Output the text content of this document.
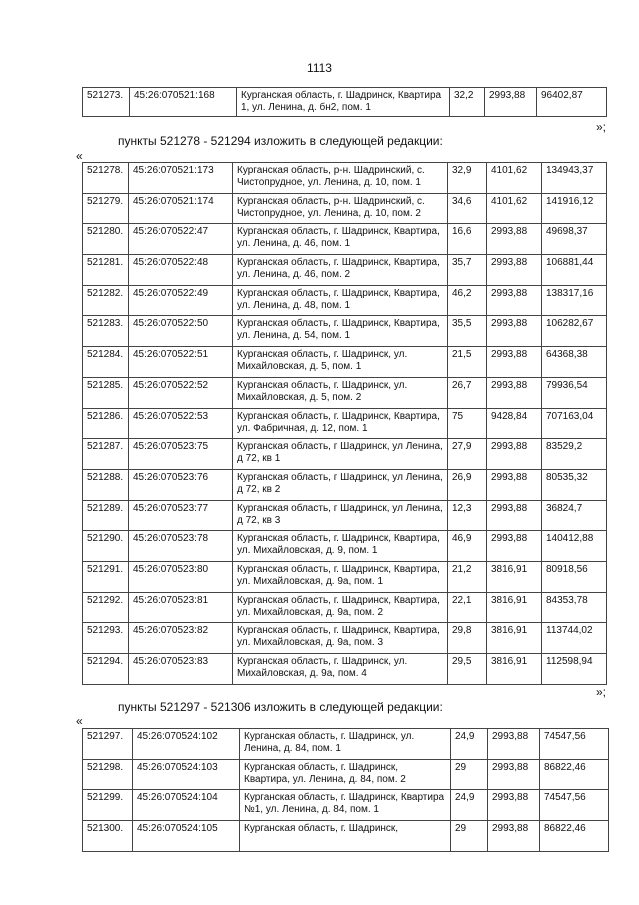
1113
521273.	45:26:070521:168	Курганская область, г. Шадринск, Квартира 1, ул. Ленина, д. бн2, пом. 1	32,2	2993,88	96402,87
»;
пункты 521278 - 521294 изложить в следующей редакции:
«
521278.	45:26:070521:173	Курганская область, р-н. Шадринский, с. Чистопрудное, ул. Ленина, д. 10, пом. 1	32,9	4101,62	134943,37
521279.	45:26:070521:174	Курганская область, р-н. Шадринский, с. Чистопрудное, ул. Ленина, д. 10, пом. 2	34,6	4101,62	141916,12
521280.	45:26:070522:47	Курганская область, г. Шадринск, Квартира, ул. Ленина, д. 46, пом. 1	16,6	2993,88	49698,37
521281.	45:26:070522:48	Курганская область, г. Шадринск, Квартира, ул. Ленина, д. 46, пом. 2	35,7	2993,88	106881,44
521282.	45:26:070522:49	Курганская область, г. Шадринск, Квартира, ул. Ленина, д. 48, пом. 1	46,2	2993,88	138317,16
521283.	45:26:070522:50	Курганская область, г. Шадринск, Квартира, ул. Ленина, д. 54, пом. 1	35,5	2993,88	106282,67
521284.	45:26:070522:51	Курганская область, г. Шадринск, ул. Михайловская, д. 5, пом. 1	21,5	2993,88	64368,38
521285.	45:26:070522:52	Курганская область, г. Шадринск, ул. Михайловская, д. 5, пом. 2	26,7	2993,88	79936,54
521286.	45:26:070522:53	Курганская область, г. Шадринск, Квартира, ул. Фабричная, д. 12, пом. 1	75	9428,84	707163,04
521287.	45:26:070523:75	Курганская область, г Шадринск, ул Ленина, д 72, кв 1	27,9	2993,88	83529,2
521288.	45:26:070523:76	Курганская область, г Шадринск, ул Ленина, д 72, кв 2	26,9	2993,88	80535,32
521289.	45:26:070523:77	Курганская область, г Шадринск, ул Ленина, д 72, кв 3	12,3	2993,88	36824,7
521290.	45:26:070523:78	Курганская область, г. Шадринск, Квартира, ул. Михайловская, д. 9, пом. 1	46,9	2993,88	140412,88
521291.	45:26:070523:80	Курганская область, г. Шадринск, Квартира, ул. Михайловская, д. 9а, пом. 1	21,2	3816,91	80918,56
521292.	45:26:070523:81	Курганская область, г. Шадринск, Квартира, ул. Михайловская, д. 9а, пом. 2	22,1	3816,91	84353,78
521293.	45:26:070523:82	Курганская область, г. Шадринск, Квартира, ул. Михайловская, д. 9а, пом. 3	29,8	3816,91	113744,02
521294.	45:26:070523:83	Курганская область, г. Шадринск, ул. Михайловская, д. 9а, пом. 4	29,5	3816,91	112598,94
»;
пункты 521297 - 521306 изложить в следующей редакции:
«
521297.	45:26:070524:102	Курганская область, г. Шадринск, ул. Ленина, д. 84, пом. 1	24,9	2993,88	74547,56
521298.	45:26:070524:103	Курганская область, г. Шадринск, Квартира, ул. Ленина, д. 84, пом. 2	29	2993,88	86822,46
521299.	45:26:070524:104	Курганская область, г. Шадринск, Квартира №1, ул. Ленина, д. 84, пом. 1	24,9	2993,88	74547,56
521300.	45:26:070524:105	Курганская область, г. Шадринск,	29	2993,88	86822,46
